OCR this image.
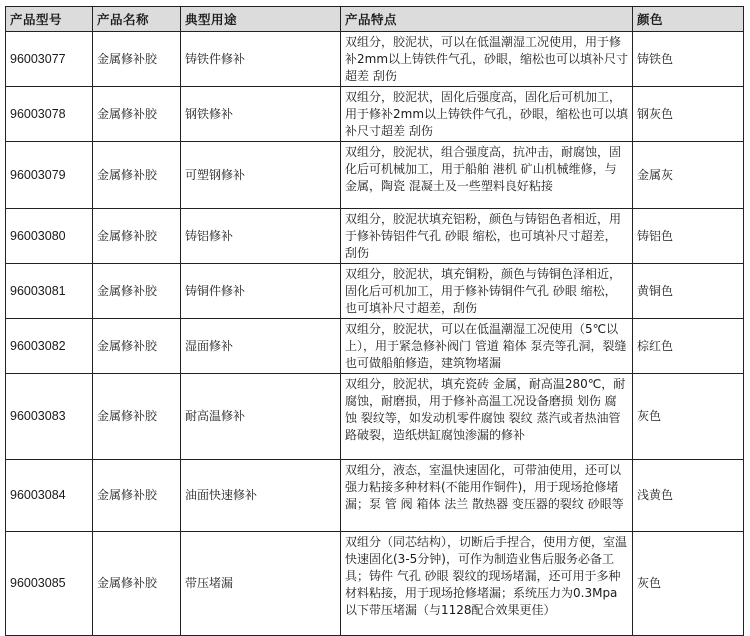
产品型号	产品名称	典型用途	产品特点	颜色
96003077	金属修补胶	铸铁件修补	双组分，胶泥状，可以在低温潮湿工况使用，用于修补2mm以上铸铁件气孔，砂眼，缩松也可以填补尺寸超差 刮伤	铸铁色
96003078	金属修补胶	钢铁修补	双组分，胶泥状，固化后强度高，固化后可机加工，用于修补2mm以上铸铁件气孔，砂眼，缩松也可以填补尺寸超差 刮伤	钢灰色
96003079	金属修补胶	可塑钢修补	双组分，胶泥状，组合强度高，抗冲击，耐腐蚀，固化后可机械加工，用于船舶 港机 矿山机械维修，与金属，陶瓷 混凝土及一些塑料良好粘接	金属灰
96003080	金属修补胶	铸铝修补	双组分，胶泥状填充铝粉，颜色与铸铝色者相近，用于修补铸铝件气孔 砂眼 缩松，也可填补尺寸超差，刮伤	铸铝色
96003081	金属修补胶	铸铜件修补	双组分，胶泥状，填充铜粉，颜色与铸铜色泽相近，固化后可机加工，用于修补铸铜件气孔 砂眼 缩松，也可填补尺寸超差，刮伤	黄铜色
96003082	金属修补胶	湿面修补	双组分，胶泥状，可以在低温潮湿工况使用（5℃以上），用于紧急修补阀门 管道 箱体 泵壳等孔洞，裂缝也可做船舶修造，建筑物堵漏	棕红色
96003083	金属修补胶	耐高温修补	双组分，胶泥状，填充瓷砖 金属，耐高温280℃，耐腐蚀，耐磨损，用于修补高温工况设备磨损 划伤 腐蚀 裂纹等，如发动机零件腐蚀 裂纹 蒸汽或者热油管路破裂，造纸烘缸腐蚀渗漏的修补	灰色
96003084	金属修补胶	油面快速修补	双组分，液态，室温快速固化，可带油使用，还可以强力粘接多种材料(不能用作铜件)，用于现场抢修堵漏；泵 管 阀 箱体 法兰 散热器 变压器的裂纹 砂眼等	浅黄色
96003085	金属修补胶	带压堵漏	双组分（同芯结构），切断后手捏合，使用方便，室温快速固化(3-5分钟)，可作为制造业售后服务必备工具；铸件 气孔 砂眼 裂纹的现场堵漏，还可用于多种材料粘接，用于现场抢修堵漏；系统压力为0.3Mpa以下带压堵漏（与1128配合效果更佳）	灰色
